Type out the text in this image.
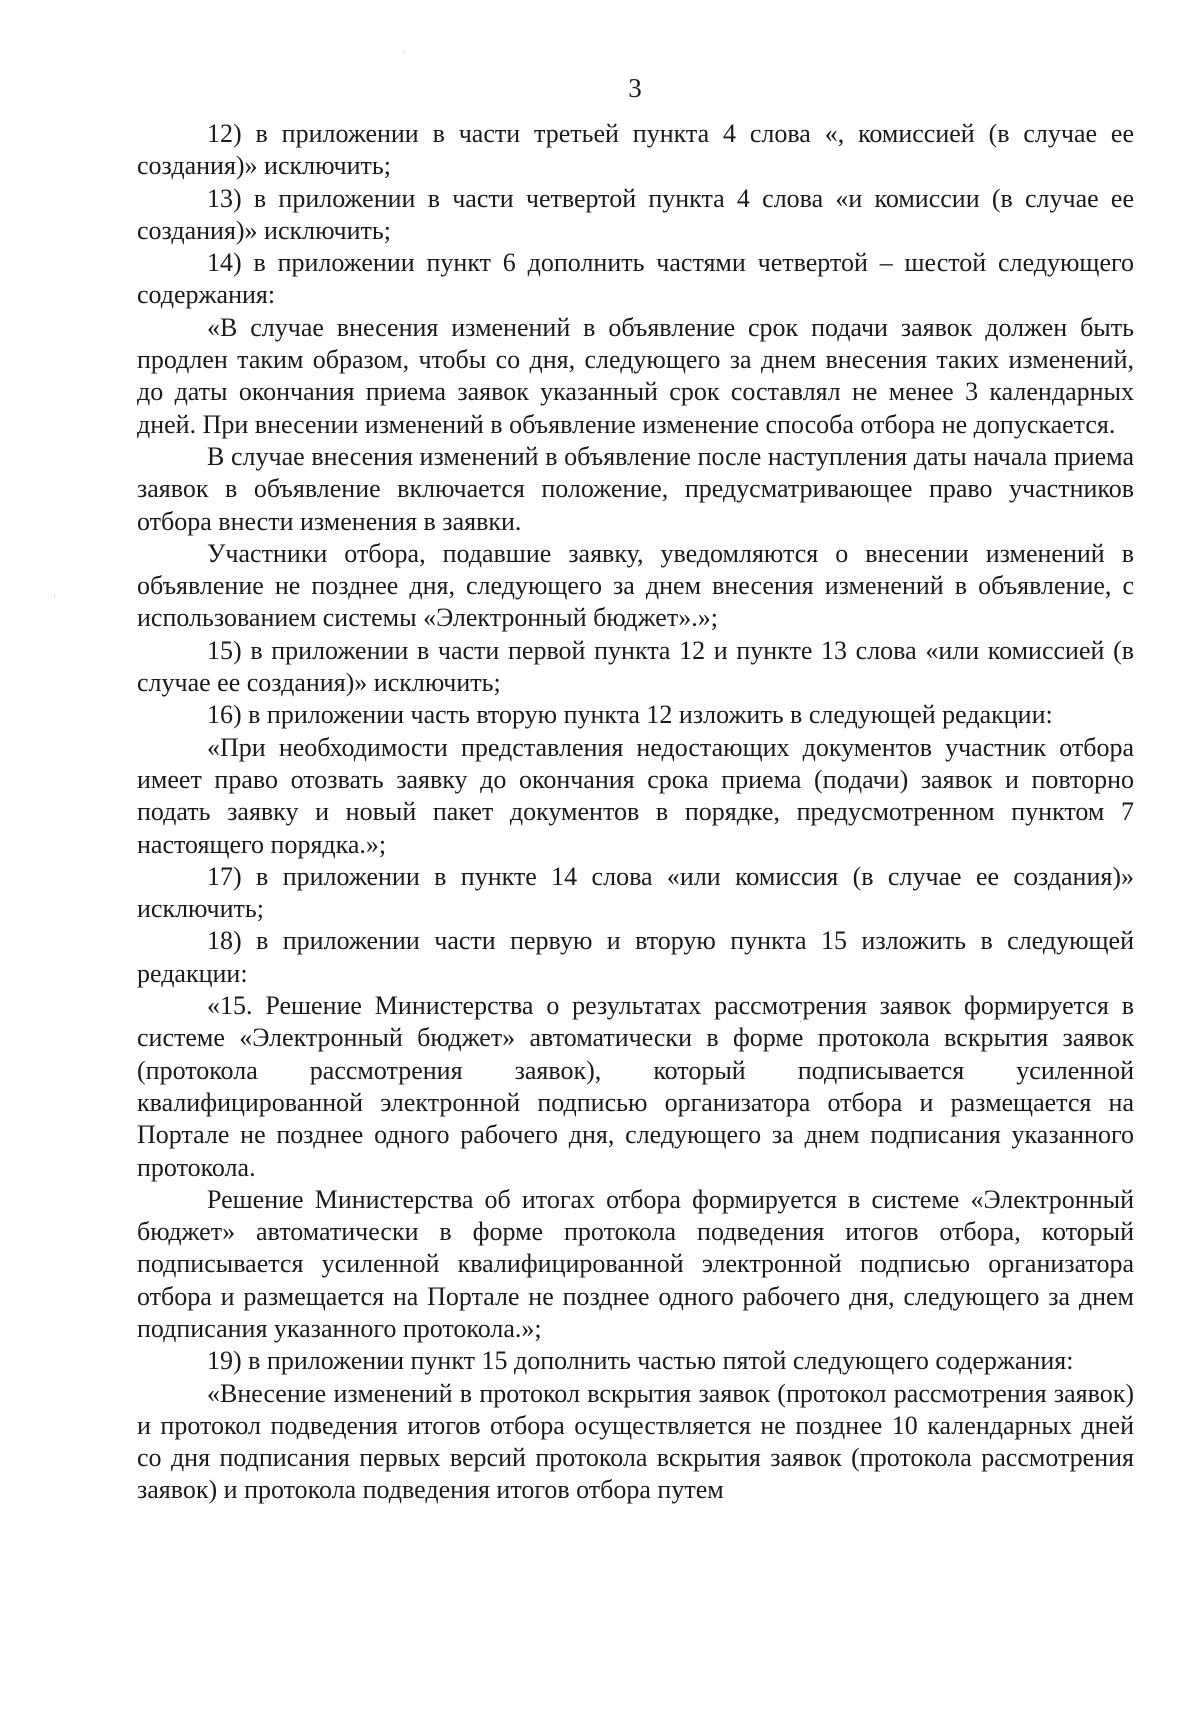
3

12) в приложении в части третьей пункта 4 слова «, комиссией (в случае ее создания)» исключить;

13) в приложении в части четвертой пункта 4 слова «и комиссии (в случае ее создания)» исключить;

14) в приложении пункт 6 дополнить частями четвертой – шестой следующего содержания:

«В случае внесения изменений в объявление срок подачи заявок должен быть продлен таким образом, чтобы со дня, следующего за днем внесения таких изменений, до даты окончания приема заявок указанный срок составлял не менее 3 календарных дней. При внесении изменений в объявление изменение способа отбора не допускается.

В случае внесения изменений в объявление после наступления даты начала приема заявок в объявление включается положение, предусматривающее право участников отбора внести изменения в заявки.

Участники отбора, подавшие заявку, уведомляются о внесении изменений в объявление не позднее дня, следующего за днем внесения изменений в объявление, с использованием системы «Электронный бюджет».»;

15) в приложении в части первой пункта 12 и пункте 13 слова «или комиссией (в случае ее создания)» исключить;

16) в приложении часть вторую пункта 12 изложить в следующей редакции:

«При необходимости представления недостающих документов участник отбора имеет право отозвать заявку до окончания срока приема (подачи) заявок и повторно подать заявку и новый пакет документов в порядке, предусмотренном пунктом 7 настоящего порядка.»;

17) в приложении в пункте 14 слова «или комиссия (в случае ее создания)» исключить;

18) в приложении части первую и вторую пункта 15 изложить в следующей редакции:

«15. Решение Министерства о результатах рассмотрения заявок формируется в системе «Электронный бюджет» автоматически в форме протокола вскрытия заявок (протокола рассмотрения заявок), который подписывается усиленной квалифицированной электронной подписью организатора отбора и размещается на Портале не позднее одного рабочего дня, следующего за днем подписания указанного протокола.

Решение Министерства об итогах отбора формируется в системе «Электронный бюджет» автоматически в форме протокола подведения итогов отбора, который подписывается усиленной квалифицированной электронной подписью организатора отбора и размещается на Портале не позднее одного рабочего дня, следующего за днем подписания указанного протокола.»;

19) в приложении пункт 15 дополнить частью пятой следующего содержания:

«Внесение изменений в протокол вскрытия заявок (протокол рассмотрения заявок) и протокол подведения итогов отбора осуществляется не позднее 10 календарных дней со дня подписания первых версий протокола вскрытия заявок (протокола рассмотрения заявок) и протокола подведения итогов отбора путем
